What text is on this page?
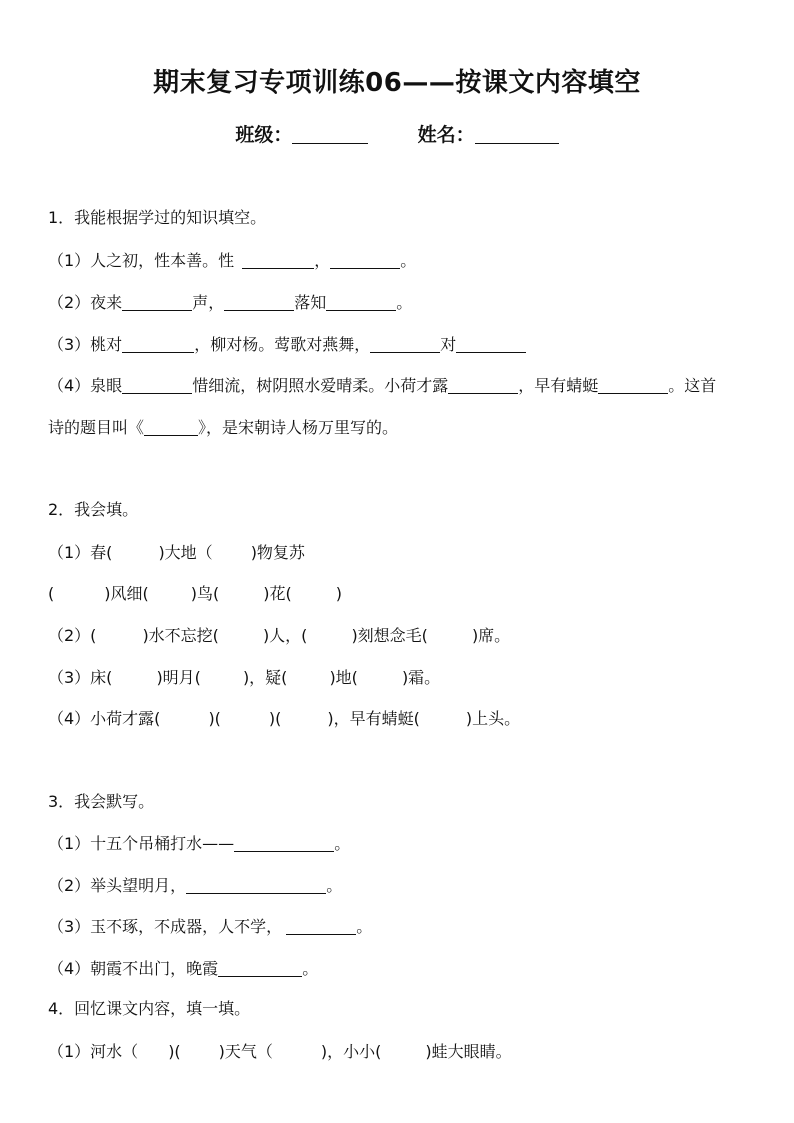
期末复习专项训练06——按课文内容填空
班级：	姓名：
1．我能根据学过的知识填空。
（1）人之初，性本善。性	，	。
（2）夜来	声，	落知	。
（3）桃对	，柳对杨。莺歌对燕舞，	对
（4）泉眼	惜细流，树阴照水爱晴柔。小荷才露	，早有蜻蜓	。这首
诗的题目叫《	》，是宋朝诗人杨万里写的。
2．我会填。
（1）春(	)大地（ )物复苏
(	)风细(	)鸟(	)花(	)
（2）(	)水不忘挖(	)人，(	)刻想念毛(	)席。
（3）床(	)明月(	)，疑(	)地(	)霜。
（4）小荷才露(	)(	)(	)，早有蜻蜓(	)上头。
3．我会默写。
（1）十五个吊桶打水——	。
（2）举头望明月，	。
（3）玉不琢，不成器，人不学，	。
（4）朝霞不出门，晚霞	。
4．回忆课文内容，填一填。
（1）河水（ )( )天气（	)，小小(	)蛙大眼睛。
